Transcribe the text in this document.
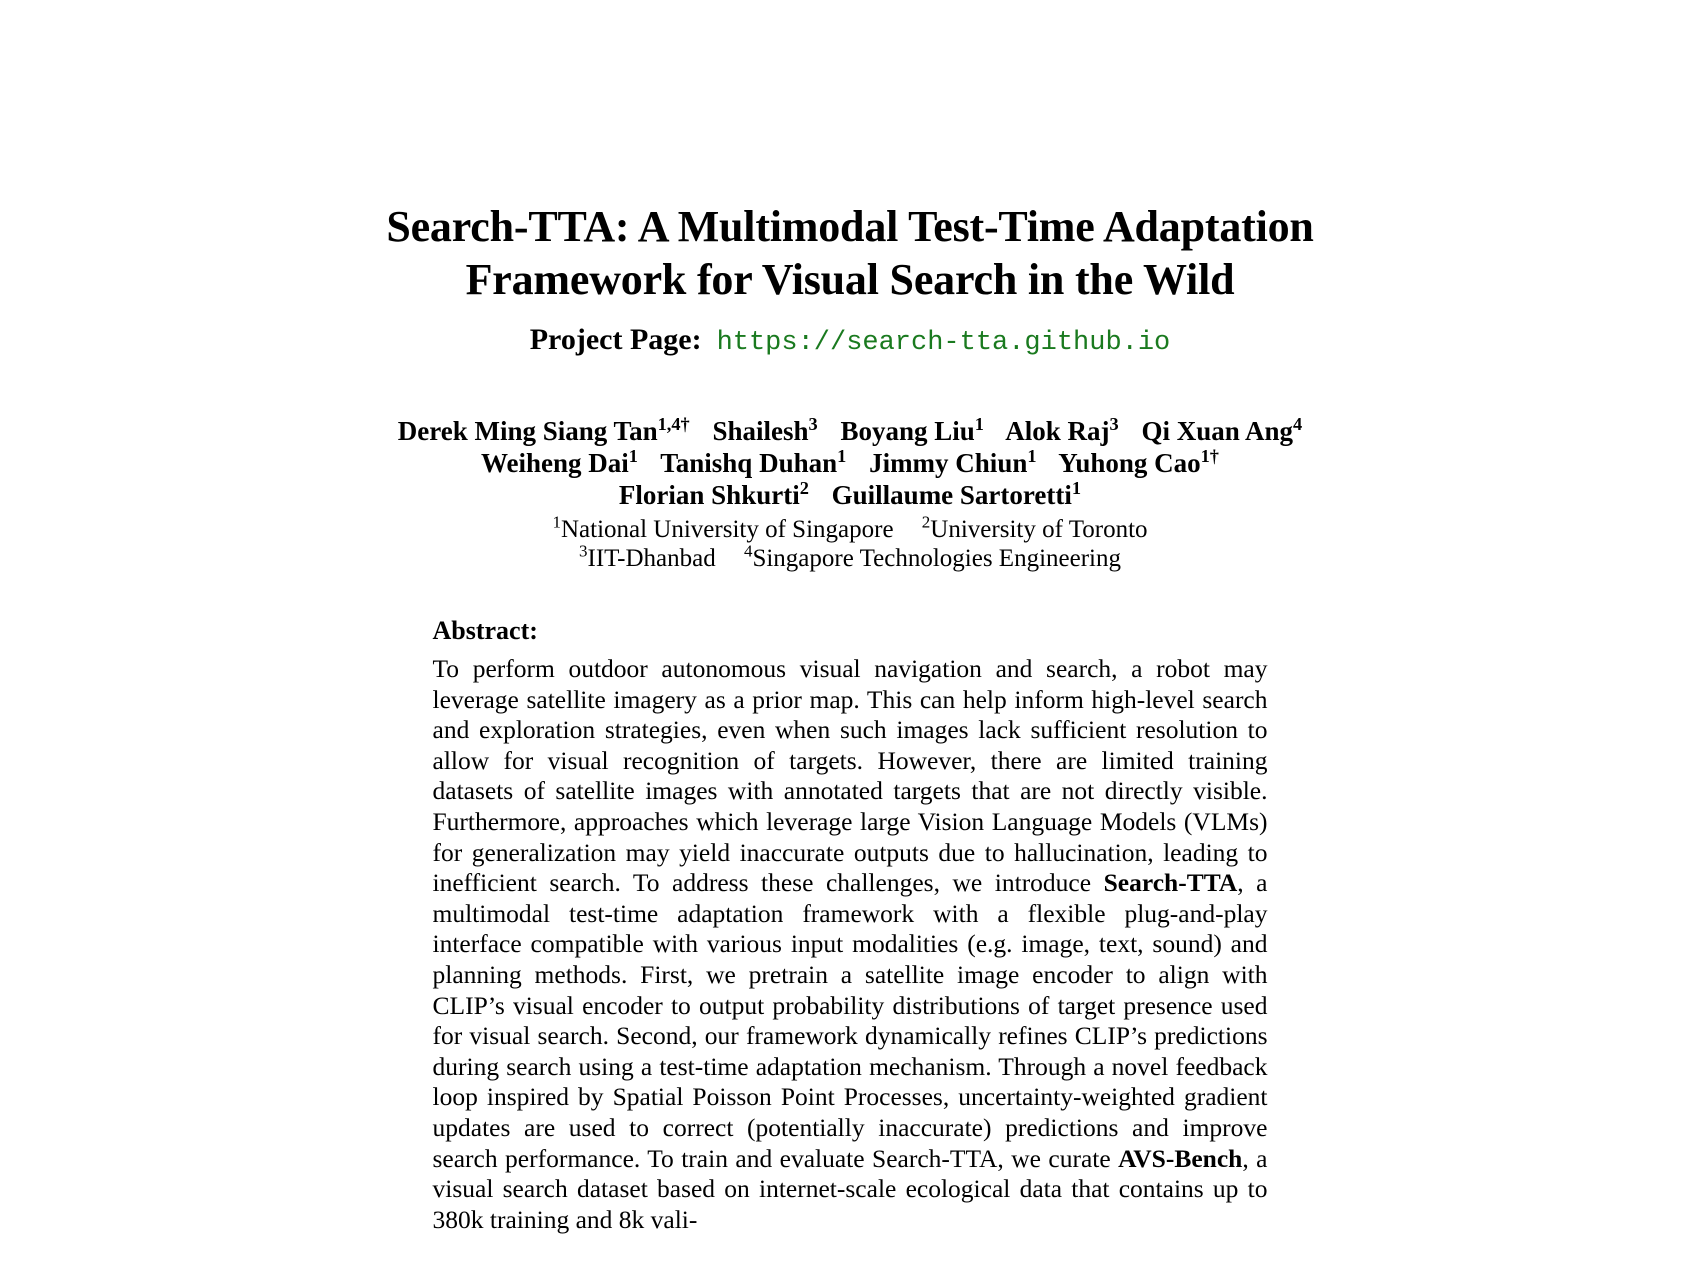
Search-TTA: A Multimodal Test-Time Adaptation Framework for Visual Search in the Wild
Project Page: https://search-tta.github.io
Derek Ming Siang Tan$^{1,4\dagger}$ Shailesh$^3$ Boyang Liu$^1$ Alok Raj$^3$ Qi Xuan Ang$^4$
Weiheng Dai$^1$ Tanishq Duhan$^1$ Jimmy Chiun$^1$ Yuhong Cao$^{1\dagger}$
Florian Shkurti$^2$ Guillaume Sartoretti$^1$
$^1$National University of Singapore $^2$University of Toronto
$^3$IIT-Dhanbad $^4$Singapore Technologies Engineering
Abstract:
To perform outdoor autonomous visual navigation and search, a robot may leverage satellite imagery as a prior map. This can help inform high-level search and exploration strategies, even when such images lack sufficient resolution to allow for visual recognition of targets. However, there are limited training datasets of satellite images with annotated targets that are not directly visible. Furthermore, approaches which leverage large Vision Language Models (VLMs) for generalization may yield inaccurate outputs due to hallucination, leading to inefficient search. To address these challenges, we introduce Search-TTA, a multimodal test-time adaptation framework with a flexible plug-and-play interface compatible with various input modalities (e.g. image, text, sound) and planning methods. First, we pretrain a satellite image encoder to align with CLIP’s visual encoder to output probability distributions of target presence used for visual search. Second, our framework dynamically refines CLIP’s predictions during search using a test-time adaptation mechanism. Through a novel feedback loop inspired by Spatial Poisson Point Processes, uncertainty-weighted gradient updates are used to correct (potentially inaccurate) predictions and improve search performance. To train and evaluate Search-TTA, we curate AVS-Bench, a visual search dataset based on internet-scale ecological data that contains up to 380k training and 8k vali-
